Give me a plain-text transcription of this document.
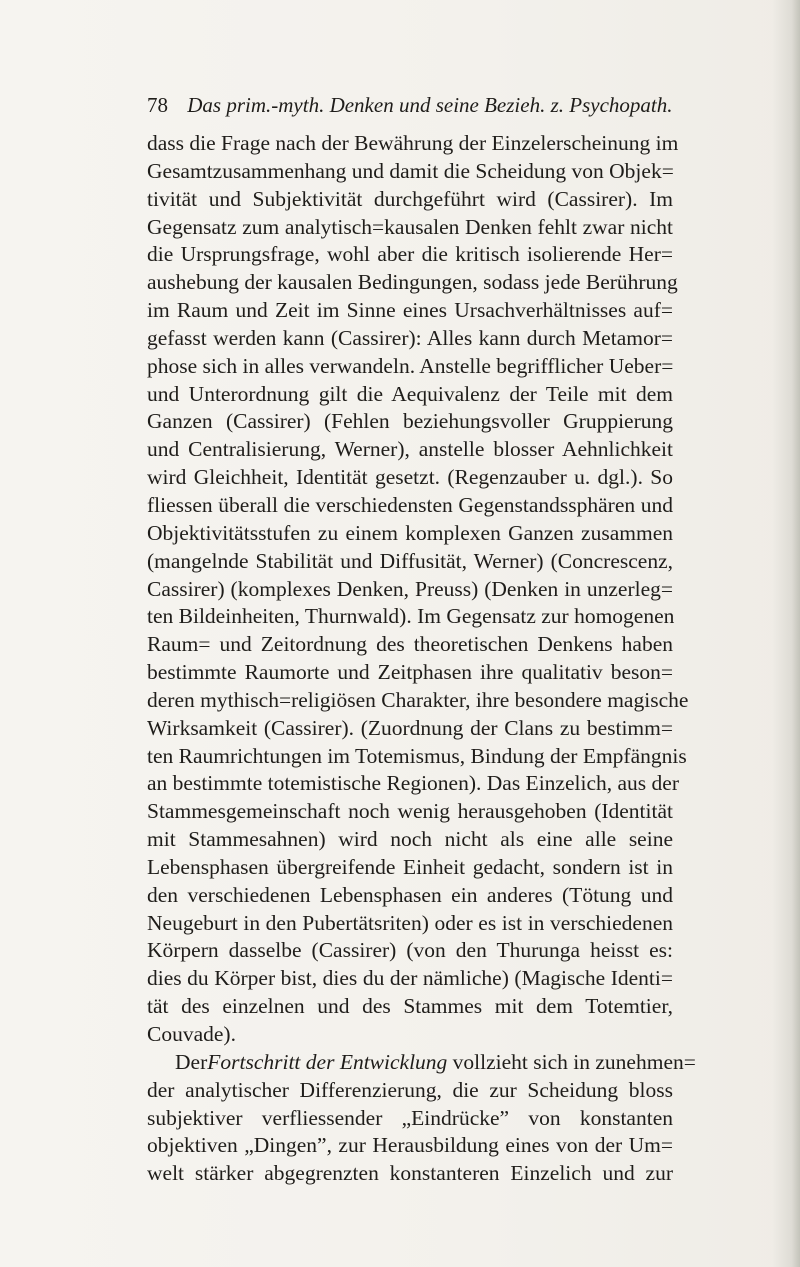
78 Das prim.-myth. Denken und seine Bezieh. z. Psychopath.
dass die Frage nach der Bewährung der Einzelerscheinung im
Gesamtzusammenhang und damit die Scheidung von Objek=
tivität und Subjektivität durchgeführt wird (Cassirer). Im
Gegensatz zum analytisch=kausalen Denken fehlt zwar nicht
die Ursprungsfrage, wohl aber die kritisch isolierende Her=
aushebung der kausalen Bedingungen, sodass jede Berührung
im Raum und Zeit im Sinne eines Ursachverhältnisses auf=
gefasst werden kann (Cassirer): Alles kann durch Metamor=
phose sich in alles verwandeln. Anstelle begrifflicher Ueber=
und Unterordnung gilt die Aequivalenz der Teile mit dem
Ganzen (Cassirer) (Fehlen beziehungsvoller Gruppierung
und Centralisierung, Werner), anstelle blosser Aehnlichkeit
wird Gleichheit, Identität gesetzt. (Regenzauber u. dgl.). So
fliessen überall die verschiedensten Gegenstandssphären und
Objektivitätsstufen zu einem komplexen Ganzen zusammen
(mangelnde Stabilität und Diffusität, Werner) (Concrescenz,
Cassirer) (komplexes Denken, Preuss) (Denken in unzerleg=
ten Bildeinheiten, Thurnwald). Im Gegensatz zur homogenen
Raum= und Zeitordnung des theoretischen Denkens haben
bestimmte Raumorte und Zeitphasen ihre qualitativ beson=
deren mythisch=religiösen Charakter, ihre besondere magische
Wirksamkeit (Cassirer). (Zuordnung der Clans zu bestimm=
ten Raumrichtungen im Totemismus, Bindung der Empfängnis
an bestimmte totemistische Regionen). Das Einzelich, aus der
Stammesgemeinschaft noch wenig herausgehoben (Identität
mit Stammesahnen) wird noch nicht als eine alle seine
Lebensphasen übergreifende Einheit gedacht, sondern ist in
den verschiedenen Lebensphasen ein anderes (Tötung und
Neugeburt in den Pubertätsriten) oder es ist in verschiedenen
Körpern dasselbe (Cassirer) (von den Thurunga heisst es:
dies du Körper bist, dies du der nämliche) (Magische Identi=
tät des einzelnen und des Stammes mit dem Totemtier,
Couvade).
DerFortschritt der Entwicklung vollzieht sich in zunehmen=
der analytischer Differenzierung, die zur Scheidung bloss
subjektiver verfliessender „Eindrücke” von konstanten
objektiven „Dingen”, zur Herausbildung eines von der Um=
welt stärker abgegrenzten konstanteren Einzelich und zur
